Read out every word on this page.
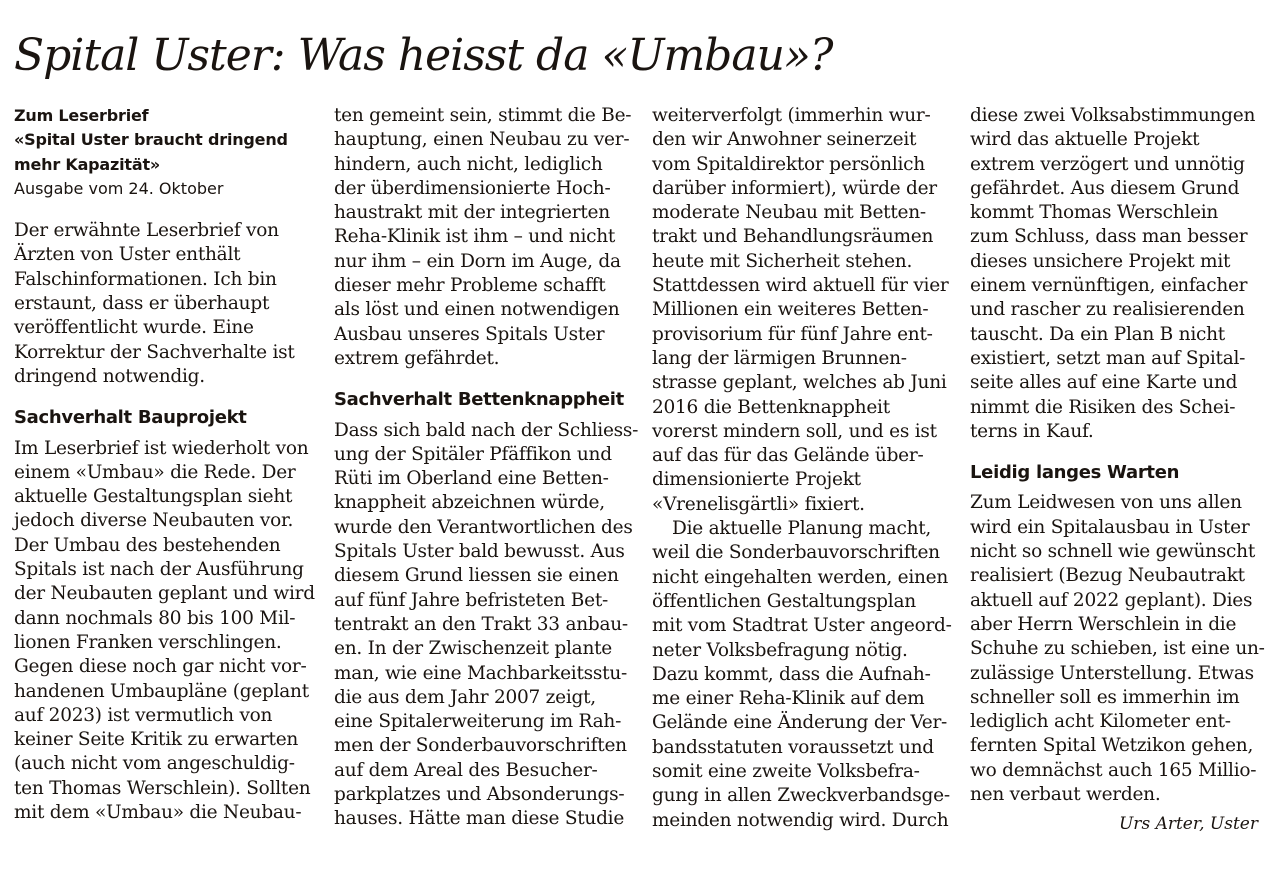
Spital Uster: Was heisst da «Umbau»?
Zum Leserbrief
«Spital Uster braucht dringend
mehr Kapazität»
Ausgabe vom 24. Oktober
Der erwähnte Leserbrief von
Ärzten von Uster enthält
Falschinformationen. Ich bin
erstaunt, dass er überhaupt
veröffentlicht wurde. Eine
Korrektur der Sachverhalte ist
dringend notwendig.
Sachverhalt Bauprojekt
Im Leserbrief ist wiederholt von
einem «Umbau» die Rede. Der
aktuelle Gestaltungsplan sieht
jedoch diverse Neubauten vor.
Der Umbau des bestehenden
Spitals ist nach der Ausführung
der Neubauten geplant und wird
dann nochmals 80 bis 100 Mil-
lionen Franken verschlingen.
Gegen diese noch gar nicht vor-
handenen Umbaupläne (geplant
auf 2023) ist vermutlich von
keiner Seite Kritik zu erwarten
(auch nicht vom angeschuldig-
ten Thomas Werschlein). Sollten
mit dem «Umbau» die Neubau-
ten gemeint sein, stimmt die Be-
hauptung, einen Neubau zu ver-
hindern, auch nicht, lediglich
der überdimensionierte Hoch-
haustrakt mit der integrierten
Reha-Klinik ist ihm – und nicht
nur ihm – ein Dorn im Auge, da
dieser mehr Probleme schafft
als löst und einen notwendigen
Ausbau unseres Spitals Uster
extrem gefährdet.
Sachverhalt Bettenknappheit
Dass sich bald nach der Schliess-
ung der Spitäler Pfäffikon und
Rüti im Oberland eine Betten-
knappheit abzeichnen würde,
wurde den Verantwortlichen des
Spitals Uster bald bewusst. Aus
diesem Grund liessen sie einen
auf fünf Jahre befristeten Bet-
tentrakt an den Trakt 33 anbau-
en. In der Zwischenzeit plante
man, wie eine Machbarkeitsstu-
die aus dem Jahr 2007 zeigt,
eine Spitalerweiterung im Rah-
men der Sonderbauvorschriften
auf dem Areal des Besucher-
parkplatzes und Absonderungs-
hauses. Hätte man diese Studie
weiterverfolgt (immerhin wur-
den wir Anwohner seinerzeit
vom Spitaldirektor persönlich
darüber informiert), würde der
moderate Neubau mit Betten-
trakt und Behandlungsräumen
heute mit Sicherheit stehen.
Stattdessen wird aktuell für vier
Millionen ein weiteres Betten-
provisorium für fünf Jahre ent-
lang der lärmigen Brunnen-
strasse geplant, welches ab Juni
2016 die Bettenknappheit
vorerst mindern soll, und es ist
auf das für das Gelände über-
dimensionierte Projekt
«Vrenelisgärtli» fixiert.
Die aktuelle Planung macht,
weil die Sonderbauvorschriften
nicht eingehalten werden, einen
öffentlichen Gestaltungsplan
mit vom Stadtrat Uster angeord-
neter Volksbefragung nötig.
Dazu kommt, dass die Aufnah-
me einer Reha-Klinik auf dem
Gelände eine Änderung der Ver-
bandsstatuten voraussetzt und
somit eine zweite Volksbefra-
gung in allen Zweckverbandsge-
meinden notwendig wird. Durch
diese zwei Volksabstimmungen
wird das aktuelle Projekt
extrem verzögert und unnötig
gefährdet. Aus diesem Grund
kommt Thomas Werschlein
zum Schluss, dass man besser
dieses unsichere Projekt mit
einem vernünftigen, einfacher
und rascher zu realisierenden
tauscht. Da ein Plan B nicht
existiert, setzt man auf Spital-
seite alles auf eine Karte und
nimmt die Risiken des Schei-
terns in Kauf.
Leidig langes Warten
Zum Leidwesen von uns allen
wird ein Spitalausbau in Uster
nicht so schnell wie gewünscht
realisiert (Bezug Neubautrakt
aktuell auf 2022 geplant). Dies
aber Herrn Werschlein in die
Schuhe zu schieben, ist eine un-
zulässige Unterstellung. Etwas
schneller soll es immerhin im
lediglich acht Kilometer ent-
fernten Spital Wetzikon gehen,
wo demnächst auch 165 Millio-
nen verbaut werden.
Urs Arter, Uster
